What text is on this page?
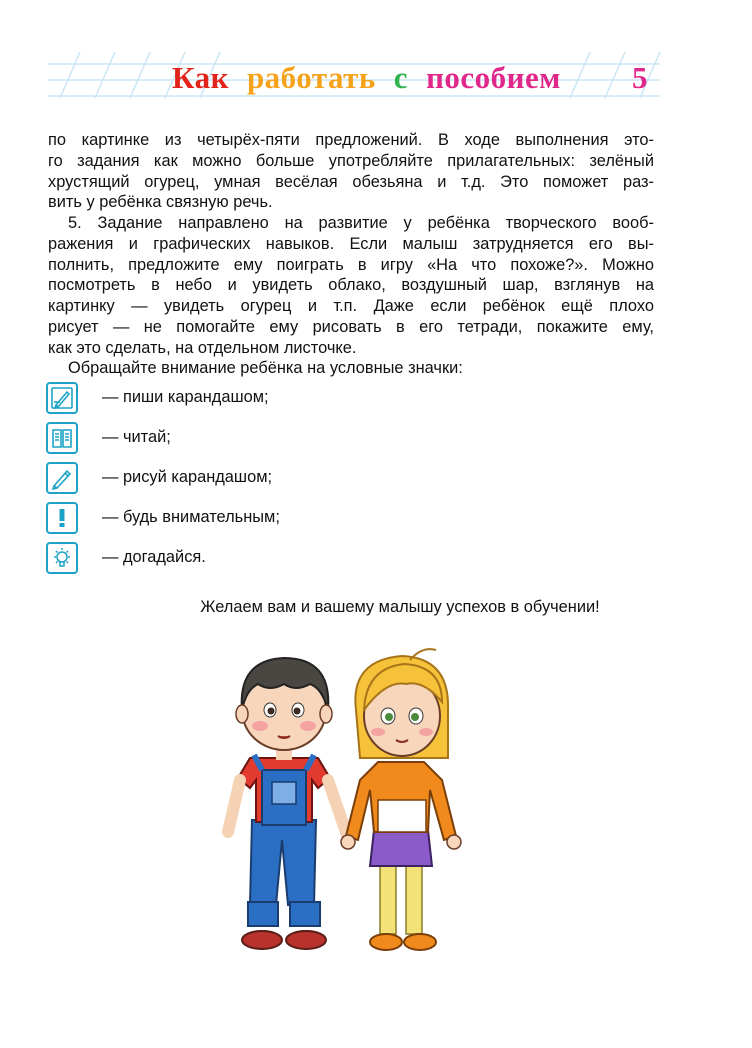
Как работать с пособием 5
по картинке из четырёх-пяти предложений. В ходе выполнения это-
го задания как можно больше употребляйте прилагательных: зелёный
хрустящий огурец, умная весёлая обезьяна и т.д. Это поможет раз-
вить у ребёнка связную речь.
5. Задание направлено на развитие у ребёнка творческого вооб-
ражения и графических навыков. Если малыш затрудняется его вы-
полнить, предложите ему поиграть в игру «На что похоже?». Можно
посмотреть в небо и увидеть облако, воздушный шар, взглянув на
картинку — увидеть огурец и т.п. Даже если ребёнок ещё плохо
рисует — не помогайте ему рисовать в его тетради, покажите ему,
как это сделать, на отдельном листочке.
Обращайте внимание ребёнка на условные значки:
— пиши карандашом;
— читай;
— рисуй карандашом;
— будь внимательным;
— догадайся.
Желаем вам и вашему малышу успехов в обучении!
